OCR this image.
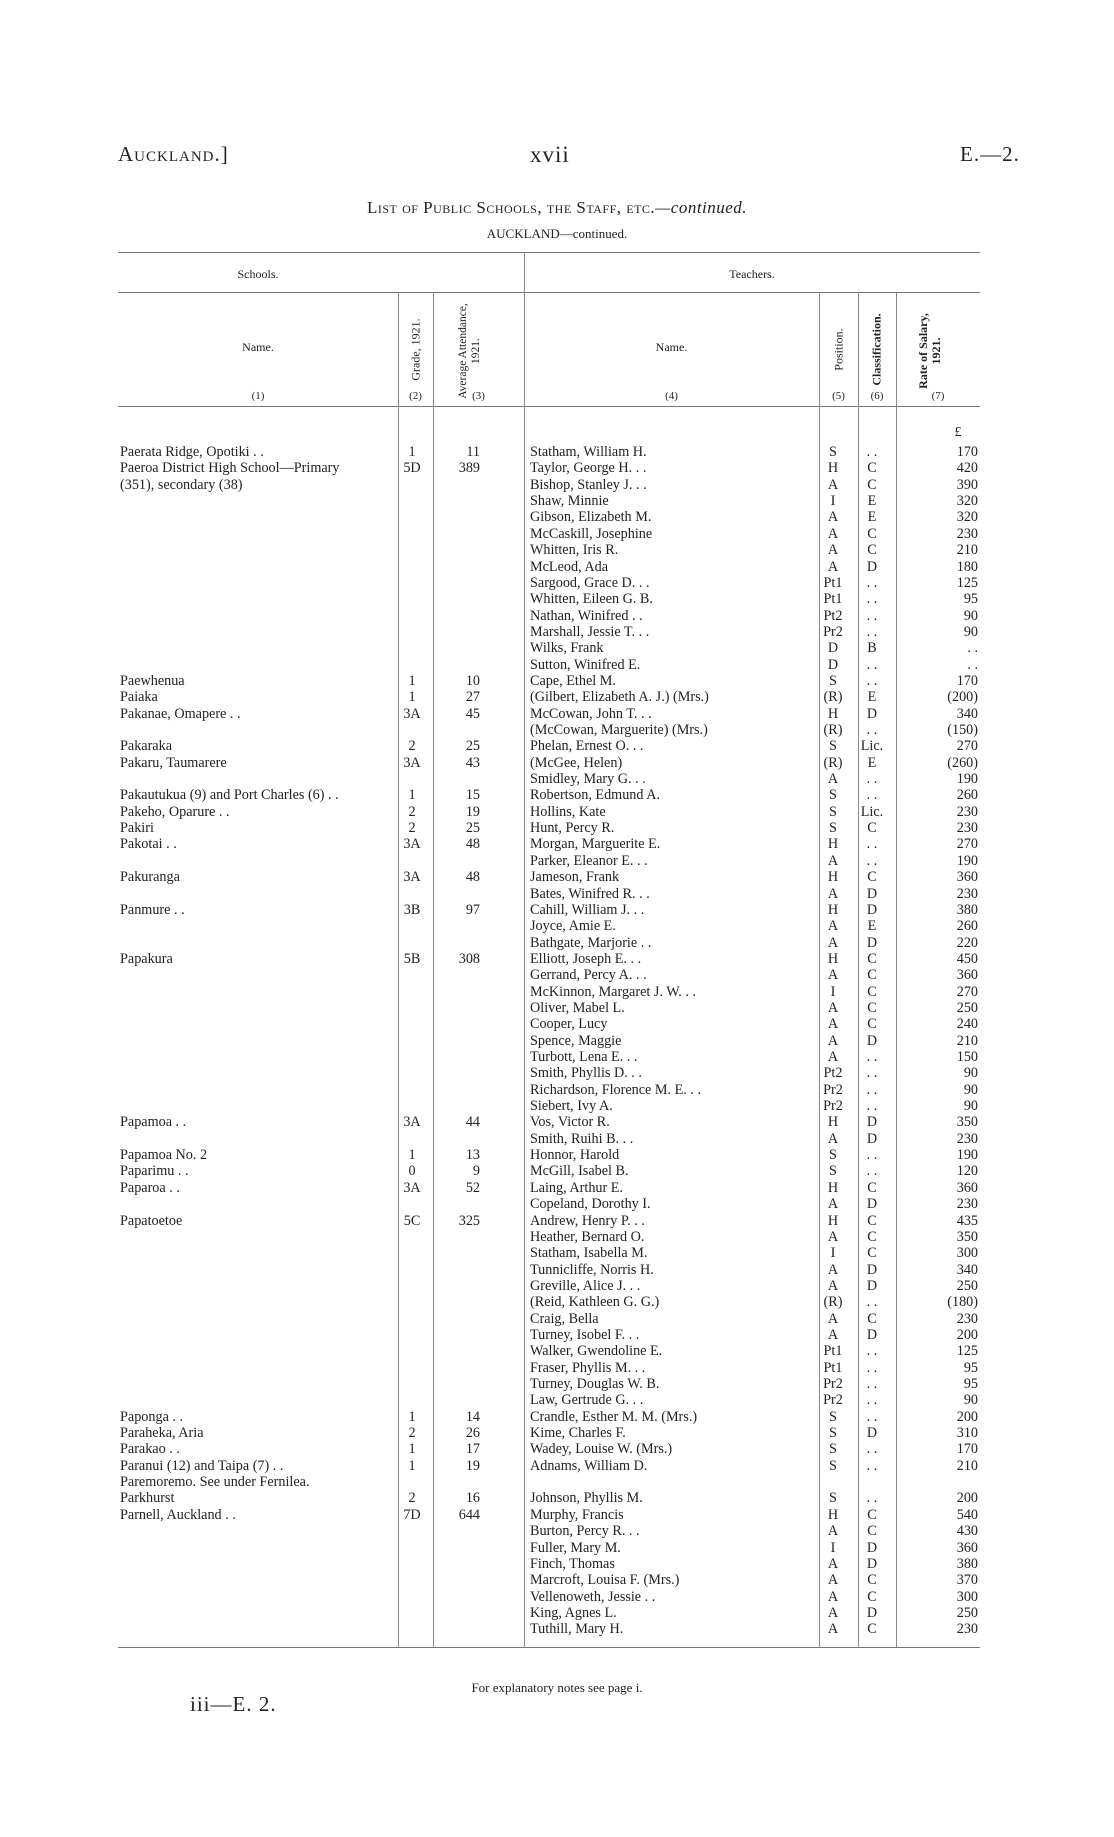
Auckland.]	xvii	E.—2.
List of Public Schools, the Staff, etc.—continued.
AUCKLAND—continued.
Schools.	Teachers.
Name.	Grade, 1921.	Average Attendance, 1921.	Name.	Position. Classification.	Rate of Salary, 1921.
(1)	(2)	(3)	(4)	(5)	(6)	(7)
£
Paerata Ridge, Opotiki . .	1	11	Statham, William H.	S	. .	170
Paeroa District High School—Primary	5D	389	Taylor, George H. . .	H	C	420
(351), secondary (38)	Bishop, Stanley J. . .	A	C	390
Shaw, Minnie	I	E	320
Gibson, Elizabeth M.	A	E	320
McCaskill, Josephine	A	C	230
Whitten, Iris R.	A	C	210
McLeod, Ada	A	D	180
Sargood, Grace D. . .	Pt1	. .	125
Whitten, Eileen G. B.	Pt1	. .	95
Nathan, Winifred . .	Pt2	. .	90
Marshall, Jessie T. . .	Pr2	. .	90
Wilks, Frank	D	B	. .
Sutton, Winifred E.	D	. .	. .
Paewhenua	1	10	Cape, Ethel M.	S	. .	170
Paiaka	1	27	(Gilbert, Elizabeth A. J.) (Mrs.)	(R)	E	(200)
Pakanae, Omapere . .	3A	45	McCowan, John T. . .	H	D	340
(McCowan, Marguerite) (Mrs.)	(R)	. .	(150)
Pakaraka	2	25	Phelan, Ernest O. . .	S	Lic.	270
Pakaru, Taumarere	3A	43	(McGee, Helen)	(R)	E	(260)
Smidley, Mary G. . .	A	. .	190
Pakautukua (9) and Port Charles (6) . .	1	15	Robertson, Edmund A.	S	. .	260
Pakeho, Oparure . .	2	19	Hollins, Kate	S	Lic.	230
Pakiri	2	25	Hunt, Percy R.	S	C	230
Pakotai . .	3A	48	Morgan, Marguerite E.	H	. .	270
Parker, Eleanor E. . .	A	. .	190
Pakuranga	3A	48	Jameson, Frank	H	C	360
Bates, Winifred R. . .	A	D	230
Panmure . .	3B	97	Cahill, William J. . .	H	D	380
Joyce, Amie E.	A	E	260
Bathgate, Marjorie . .	A	D	220
Papakura	5B	308	Elliott, Joseph E. . .	H	C	450
Gerrand, Percy A. . .	A	C	360
McKinnon, Margaret J. W. . .	I	C	270
Oliver, Mabel L.	A	C	250
Cooper, Lucy	A	C	240
Spence, Maggie	A	D	210
Turbott, Lena E. . .	A	. .	150
Smith, Phyllis D. . .	Pt2	. .	90
Richardson, Florence M. E. . .	Pr2	. .	90
Siebert, Ivy A.	Pr2	. .	90
Papamoa . .	3A	44	Vos, Victor R.	H	D	350
Smith, Ruihi B. . .	A	D	230
Papamoa No. 2	1	13	Honnor, Harold	S	. .	190
Paparimu . .	0	9	McGill, Isabel B.	S	. .	120
Paparoa . .	3A	52	Laing, Arthur E.	H	C	360
Copeland, Dorothy I.	A	D	230
Papatoetoe	5C	325	Andrew, Henry P. . .	H	C	435
Heather, Bernard O.	A	C	350
Statham, Isabella M.	I	C	300
Tunnicliffe, Norris H.	A	D	340
Greville, Alice J. . .	A	D	250
(Reid, Kathleen G. G.)	(R)	. .	(180)
Craig, Bella	A	C	230
Turney, Isobel F. . .	A	D	200
Walker, Gwendoline E.	Pt1	. .	125
Fraser, Phyllis M. . .	Pt1	. .	95
Turney, Douglas W. B.	Pr2	. .	95
Law, Gertrude G. . .	Pr2	. .	90
Paponga . .	1	14	Crandle, Esther M. M. (Mrs.)	S	. .	200
Paraheka, Aria	2	26	Kime, Charles F.	S	D	310
Parakao . .	1	17	Wadey, Louise W. (Mrs.)	S	. .	170
Paranui (12) and Taipa (7) . .	1	19	Adnams, William D.	S	. .	210
Paremoremo. See under Fernilea.
Parkhurst	2	16	Johnson, Phyllis M.	S	. .	200
Parnell, Auckland . .	7D	644	Murphy, Francis	H	C	540
Burton, Percy R. . .	A	C	430
Fuller, Mary M.	I	D	360
Finch, Thomas	A	D	380
Marcroft, Louisa F. (Mrs.)	A	C	370
Vellenoweth, Jessie . .	A	C	300
King, Agnes L.	A	D	250
Tuthill, Mary H.	A	C	230
For explanatory notes see page i.
iii—E. 2.
